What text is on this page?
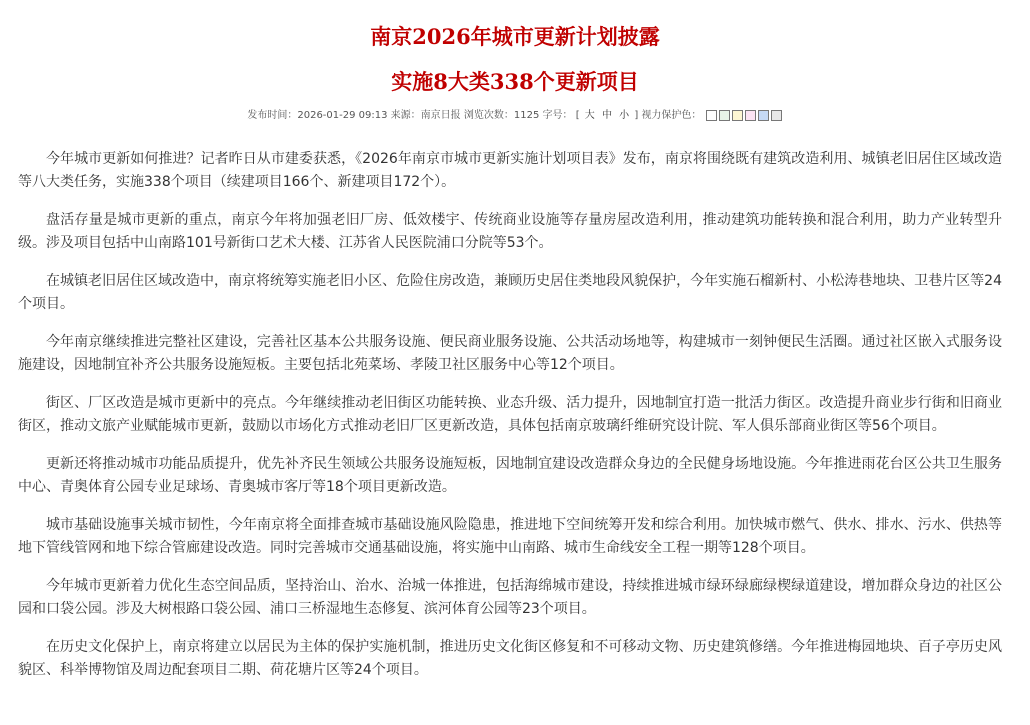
南京2026年城市更新计划披露
实施8大类338个更新项目
发布时间：2026-01-29 09:13 来源：南京日报 浏览次数：1125 字号： [ 大 中 小 ] 视力保护色：

今年城市更新如何推进？记者昨日从市建委获悉，《2026年南京市城市更新实施计划项目表》发布，南京将围绕既有建筑改造利用、城镇老旧居住区域改造等八大类任务，实施338个项目（续建项目166个、新建项目172个）。

盘活存量是城市更新的重点，南京今年将加强老旧厂房、低效楼宇、传统商业设施等存量房屋改造利用，推动建筑功能转换和混合利用，助力产业转型升级。涉及项目包括中山南路101号新街口艺术大楼、江苏省人民医院浦口分院等53个。

在城镇老旧居住区域改造中，南京将统筹实施老旧小区、危险住房改造，兼顾历史居住类地段风貌保护，今年实施石榴新村、小松涛巷地块、卫巷片区等24个项目。

今年南京继续推进完整社区建设，完善社区基本公共服务设施、便民商业服务设施、公共活动场地等，构建城市一刻钟便民生活圈。通过社区嵌入式服务设施建设，因地制宜补齐公共服务设施短板。主要包括北苑菜场、孝陵卫社区服务中心等12个项目。

街区、厂区改造是城市更新中的亮点。今年继续推动老旧街区功能转换、业态升级、活力提升，因地制宜打造一批活力街区。改造提升商业步行街和旧商业街区，推动文旅产业赋能城市更新，鼓励以市场化方式推动老旧厂区更新改造，具体包括南京玻璃纤维研究设计院、军人俱乐部商业街区等56个项目。

更新还将推动城市功能品质提升，优先补齐民生领域公共服务设施短板，因地制宜建设改造群众身边的全民健身场地设施。今年推进雨花台区公共卫生服务中心、青奥体育公园专业足球场、青奥城市客厅等18个项目更新改造。

城市基础设施事关城市韧性，今年南京将全面排查城市基础设施风险隐患，推进地下空间统筹开发和综合利用。加快城市燃气、供水、排水、污水、供热等地下管线管网和地下综合管廊建设改造。同时完善城市交通基础设施，将实施中山南路、城市生命线安全工程一期等128个项目。

今年城市更新着力优化生态空间品质，坚持治山、治水、治城一体推进，包括海绵城市建设，持续推进城市绿环绿廊绿楔绿道建设，增加群众身边的社区公园和口袋公园。涉及大树根路口袋公园、浦口三桥湿地生态修复、滨河体育公园等23个项目。

在历史文化保护上，南京将建立以居民为主体的保护实施机制，推进历史文化街区修复和不可移动文物、历史建筑修缮。今年推进梅园地块、百子亭历史风貌区、科举博物馆及周边配套项目二期、荷花塘片区等24个项目。
